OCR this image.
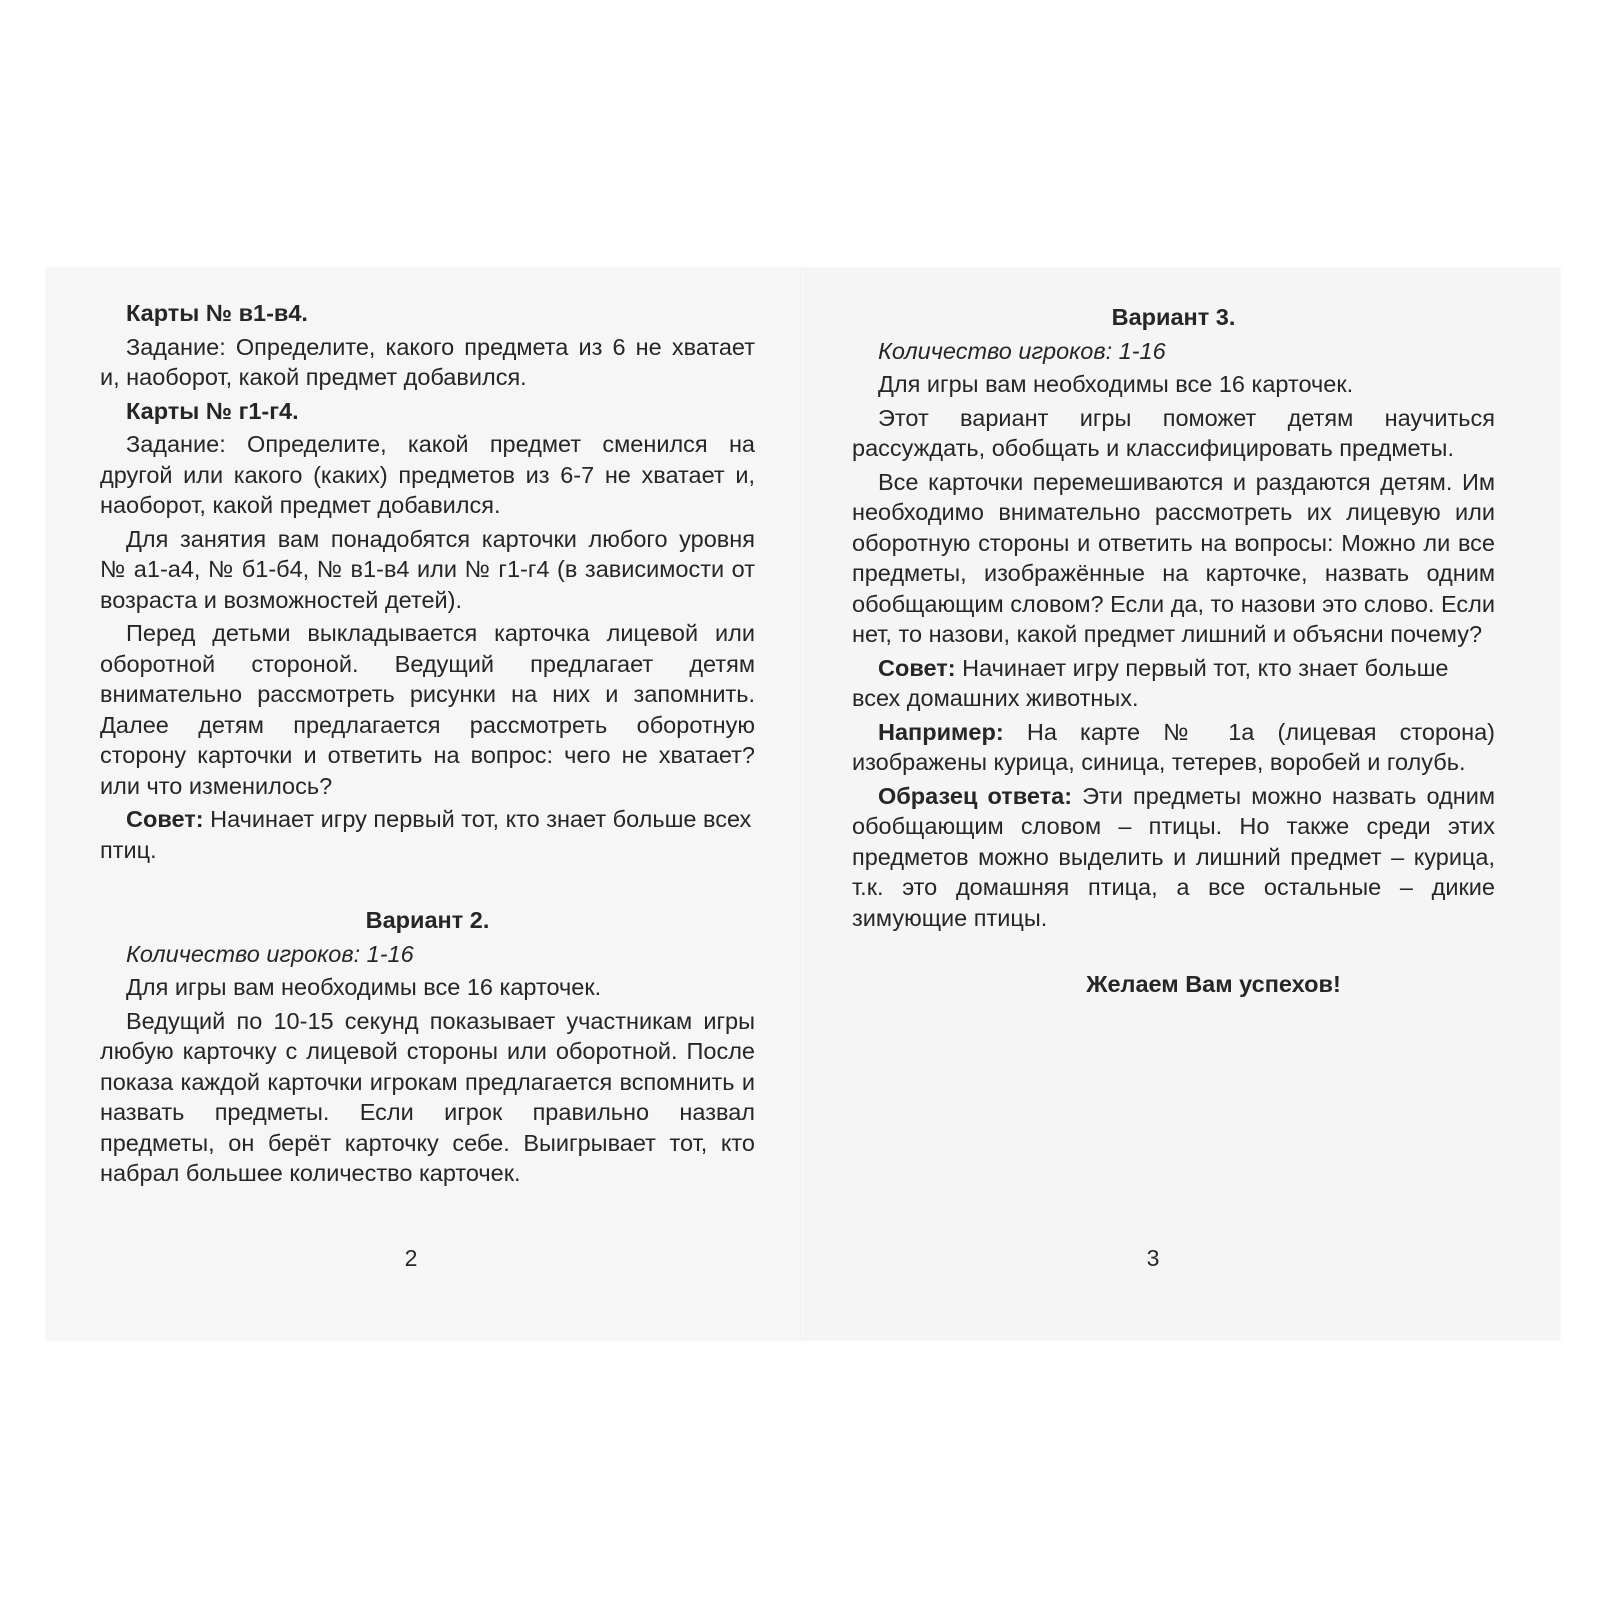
Карты № в1-в4.

Задание: Определите, какого предмета из 6 не хватает и, наоборот, какой предмет добавился.

Карты № г1-г4.

Задание: Определите, какой предмет сменился на другой или какого (каких) предметов из 6-7 не хватает и, наоборот, какой предмет добавился.

Для занятия вам понадобятся карточки любого уровня № а1-а4, № б1-б4, № в1-в4 или № г1-г4 (в зависимости от возраста и возможностей детей).

Перед детьми выкладывается карточка лицевой или оборотной стороной. Ведущий предлагает детям внимательно рассмотреть рисунки на них и запомнить. Далее детям предлагается рассмотреть оборотную сторону карточки и ответить на вопрос: чего не хватает? или что изменилось?

Совет: Начинает игру первый тот, кто знает больше всех птиц.

Вариант 2.

Количество игроков: 1-16

Для игры вам необходимы все 16 карточек.

Ведущий по 10-15 секунд показывает участникам игры любую карточку с лицевой стороны или оборотной. После показа каждой карточки игрокам предлагается вспомнить и назвать предметы. Если игрок правильно назвал предметы, он берёт карточку себе. Выигрывает тот, кто набрал большее количество карточек.

2

Вариант 3.

Количество игроков: 1-16

Для игры вам необходимы все 16 карточек.

Этот вариант игры поможет детям научиться рассуждать, обобщать и классифицировать предметы.

Все карточки перемешиваются и раздаются детям. Им необходимо внимательно рассмотреть их лицевую или оборотную стороны и ответить на вопросы: Можно ли все предметы, изображённые на карточке, назвать одним обобщающим словом? Если да, то назови это слово. Если нет, то назови, какой предмет лишний и объясни почему?

Совет: Начинает игру первый тот, кто знает больше всех домашних животных.

Например: На карте № 1а (лицевая сторона) изображены курица, синица, тетерев, воробей и голубь.

Образец ответа: Эти предметы можно назвать одним обобщающим словом – птицы. Но также среди этих предметов можно выделить и лишний предмет – курица, т.к. это домашняя птица, а все остальные – дикие зимующие птицы.

Желаем Вам успехов!

3
